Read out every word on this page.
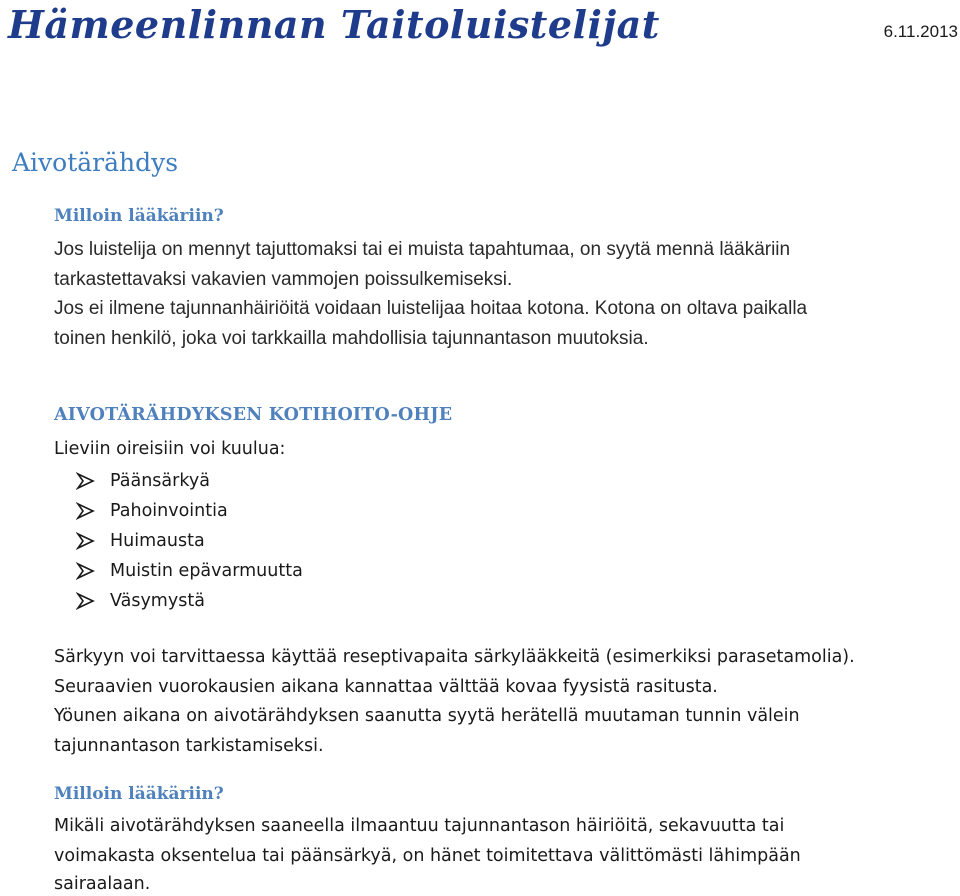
Hämeenlinnan Taitoluistelijat	6.11.2013
Aivotärähdys
Milloin lääkäriin?
Jos luistelija on mennyt tajuttomaksi tai ei muista tapahtumaa, on syytä mennä lääkäriin
tarkastettavaksi vakavien vammojen poissulkemiseksi.
Jos ei ilmene tajunnanhäiriöitä voidaan luistelijaa hoitaa kotona. Kotona on oltava paikalla
toinen henkilö, joka voi tarkkailla mahdollisia tajunnantason muutoksia.
AIVOTÄRÄHDYKSEN KOTIHOITO-OHJE
Lieviin oireisiin voi kuulua:
Päänsärkyä
Pahoinvointia
Huimausta
Muistin epävarmuutta
Väsymystä
Särkyyn voi tarvittaessa käyttää reseptivapaita särkylääkkeitä (esimerkiksi parasetamolia).
Seuraavien vuorokausien aikana kannattaa välttää kovaa fyysistä rasitusta.
Yöunen aikana on aivotärähdyksen saanutta syytä herätellä muutaman tunnin välein
tajunnantason tarkistamiseksi.
Milloin lääkäriin?
Mikäli aivotärähdyksen saaneella ilmaantuu tajunnantason häiriöitä, sekavuutta tai
voimakasta oksentelua tai päänsärkyä, on hänet toimitettava välittömästi lähimpään
sairaalaan.
